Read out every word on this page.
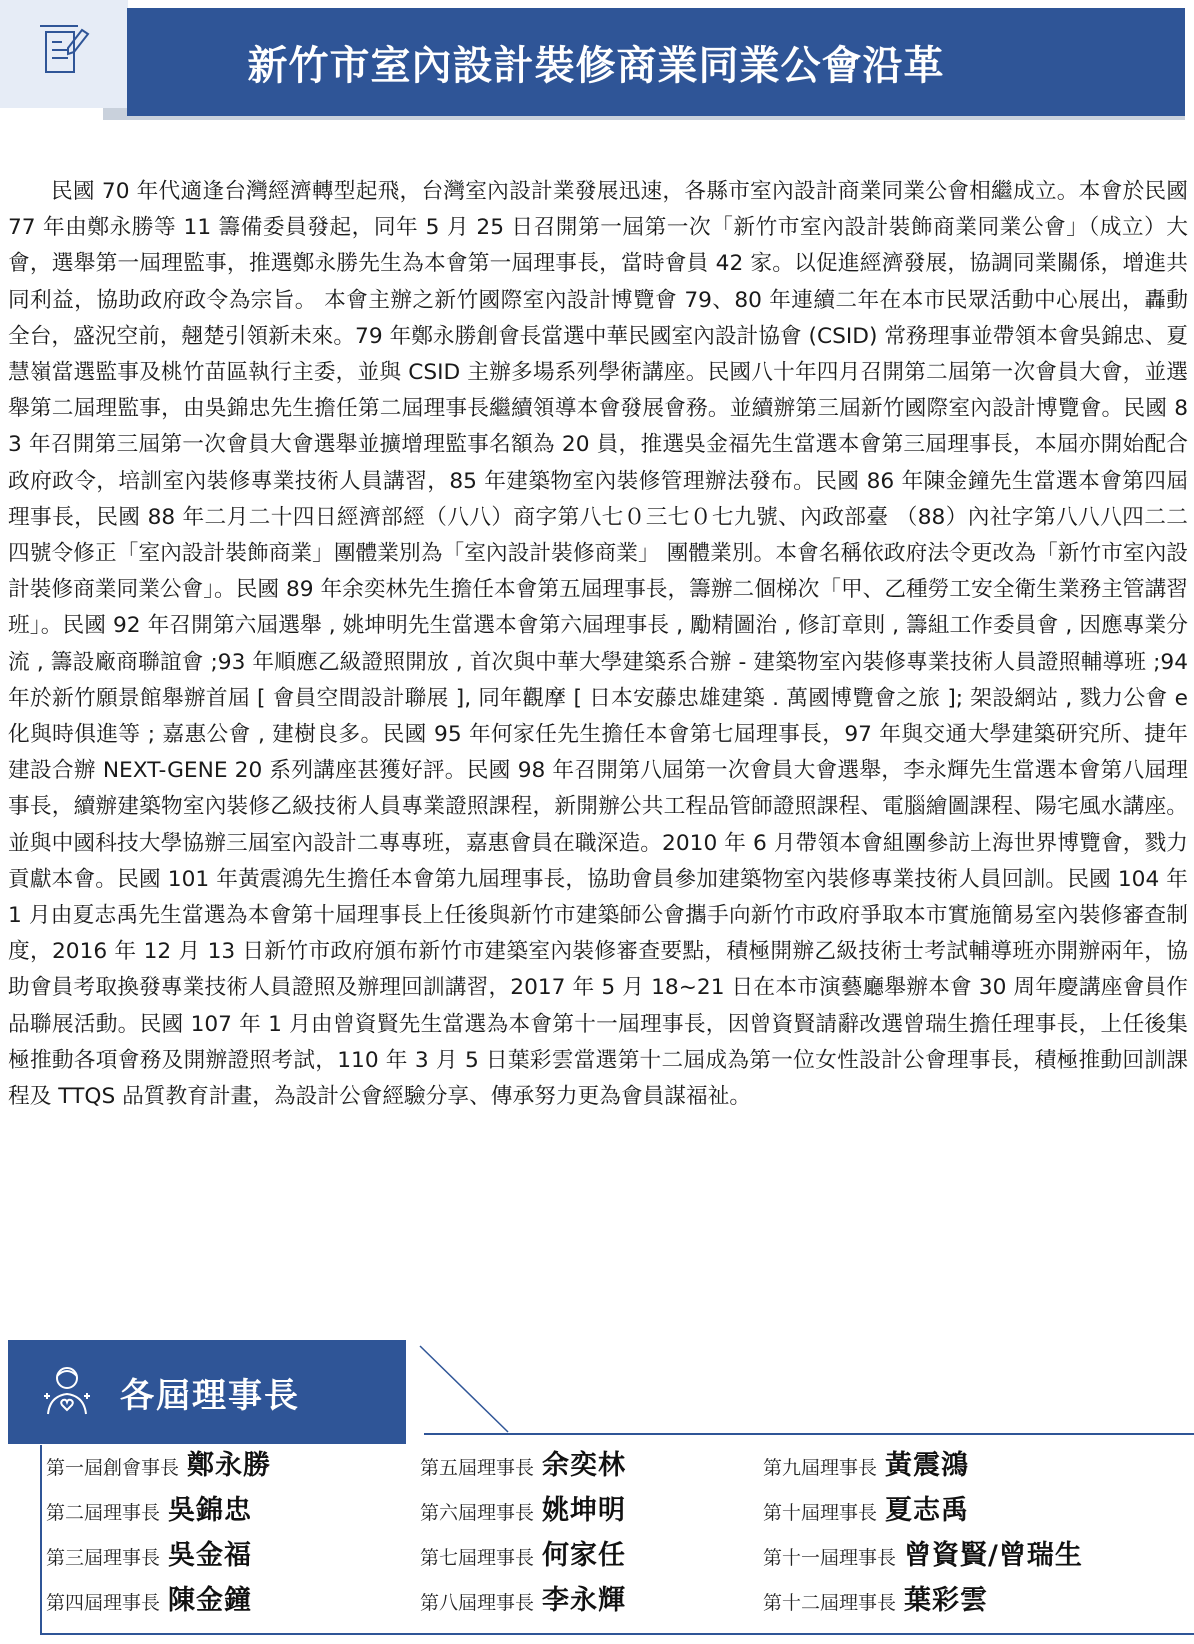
新竹市室內設計裝修商業同業公會沿革

民國 70 年代適逢台灣經濟轉型起飛，台灣室內設計業發展迅速，各縣市室內設計商業同業公會相繼成立。本會於民國 77 年由鄭永勝等 11 籌備委員發起，同年 5 月 25 日召開第一屆第一次「新竹市室內設計裝飾商業同業公會」（成立）大會，選舉第一屆理監事，推選鄭永勝先生為本會第一屆理事長，當時會員 42 家。以促進經濟發展，協調同業關係，增進共同利益，協助政府政令為宗旨。 本會主辦之新竹國際室內設計博覽會 79、80 年連續二年在本市民眾活動中心展出，轟動全台，盛況空前，翹楚引領新未來。79 年鄭永勝創會長當選中華民國室內設計協會 (CSID) 常務理事並帶領本會吳錦忠、夏慧嶺當選監事及桃竹苗區執行主委，並與 CSID 主辦多場系列學術講座。民國八十年四月召開第二屆第一次會員大會，並選舉第二屆理監事，由吳錦忠先生擔任第二屆理事長繼續領導本會發展會務。並續辦第三屆新竹國際室內設計博覽會。民國 83 年召開第三屆第一次會員大會選舉並擴增理監事名額為 20 員，推選吳金福先生當選本會第三屆理事長，本屆亦開始配合政府政令，培訓室內裝修專業技術人員講習，85 年建築物室內裝修管理辦法發布。民國 86 年陳金鐘先生當選本會第四屆理事長，民國 88 年二月二十四日經濟部經（八八）商字第八七０三七０七九號、內政部臺 （88）內社字第八八八四二二四號令修正「室內設計裝飾商業」團體業別為「室內設計裝修商業」 團體業別。本會名稱依政府法令更改為「新竹市室內設計裝修商業同業公會」。民國 89 年余奕林先生擔任本會第五屆理事長，籌辦二個梯次「甲、乙種勞工安全衛生業務主管講習班」。民國 92 年召開第六屆選舉 , 姚坤明先生當選本會第六屆理事長 , 勵精圖治 , 修訂章則 , 籌組工作委員會 , 因應專業分流 , 籌設廠商聯誼會 ;93 年順應乙級證照開放 , 首次與中華大學建築系合辦 - 建築物室內裝修專業技術人員證照輔導班 ;94 年於新竹願景館舉辦首屆 [ 會員空間設計聯展 ], 同年觀摩 [ 日本安藤忠雄建築 . 萬國博覽會之旅 ]; 架設網站 , 戮力公會 e 化與時俱進等 ; 嘉惠公會 , 建樹良多。民國 95 年何家任先生擔任本會第七屆理事長，97 年與交通大學建築研究所、捷年建設合辦 NEXT-GENE 20 系列講座甚獲好評。民國 98 年召開第八屆第一次會員大會選舉，李永輝先生當選本會第八屆理事長，續辦建築物室內裝修乙級技術人員專業證照課程，新開辦公共工程品管師證照課程、電腦繪圖課程、陽宅風水講座。並與中國科技大學協辦三屆室內設計二專專班，嘉惠會員在職深造。2010 年 6 月帶領本會組團參訪上海世界博覽會，戮力貢獻本會。民國 101 年黃震鴻先生擔任本會第九屆理事長，協助會員參加建築物室內裝修專業技術人員回訓。民國 104 年 1 月由夏志禹先生當選為本會第十屆理事長上任後與新竹市建築師公會攜手向新竹市政府爭取本市實施簡易室內裝修審查制度，2016 年 12 月 13 日新竹市政府頒布新竹市建築室內裝修審查要點，積極開辦乙級技術士考試輔導班亦開辦兩年，協助會員考取換發專業技術人員證照及辦理回訓講習，2017 年 5 月 18~21 日在本市演藝廳舉辦本會 30 周年慶講座會員作品聯展活動。民國 107 年 1 月由曾資賢先生當選為本會第十一屆理事長，因曾資賢請辭改選曾瑞生擔任理事長，上任後集極推動各項會務及開辦證照考試，110 年 3 月 5 日葉彩雲當選第十二屆成為第一位女性設計公會理事長，積極推動回訓課程及 TTQS 品質教育計畫，為設計公會經驗分享、傳承努力更為會員謀福祉。

各屆理事長
第一屆創會事長 鄭永勝	第五屆理事長 余奕林	第九屆理事長 黃震鴻
第二屆理事長 吳錦忠	第六屆理事長 姚坤明	第十屆理事長 夏志禹
第三屆理事長 吳金福	第七屆理事長 何家任	第十一屆理事長 曾資賢/曾瑞生
第四屆理事長 陳金鐘	第八屆理事長 李永輝	第十二屆理事長 葉彩雲
